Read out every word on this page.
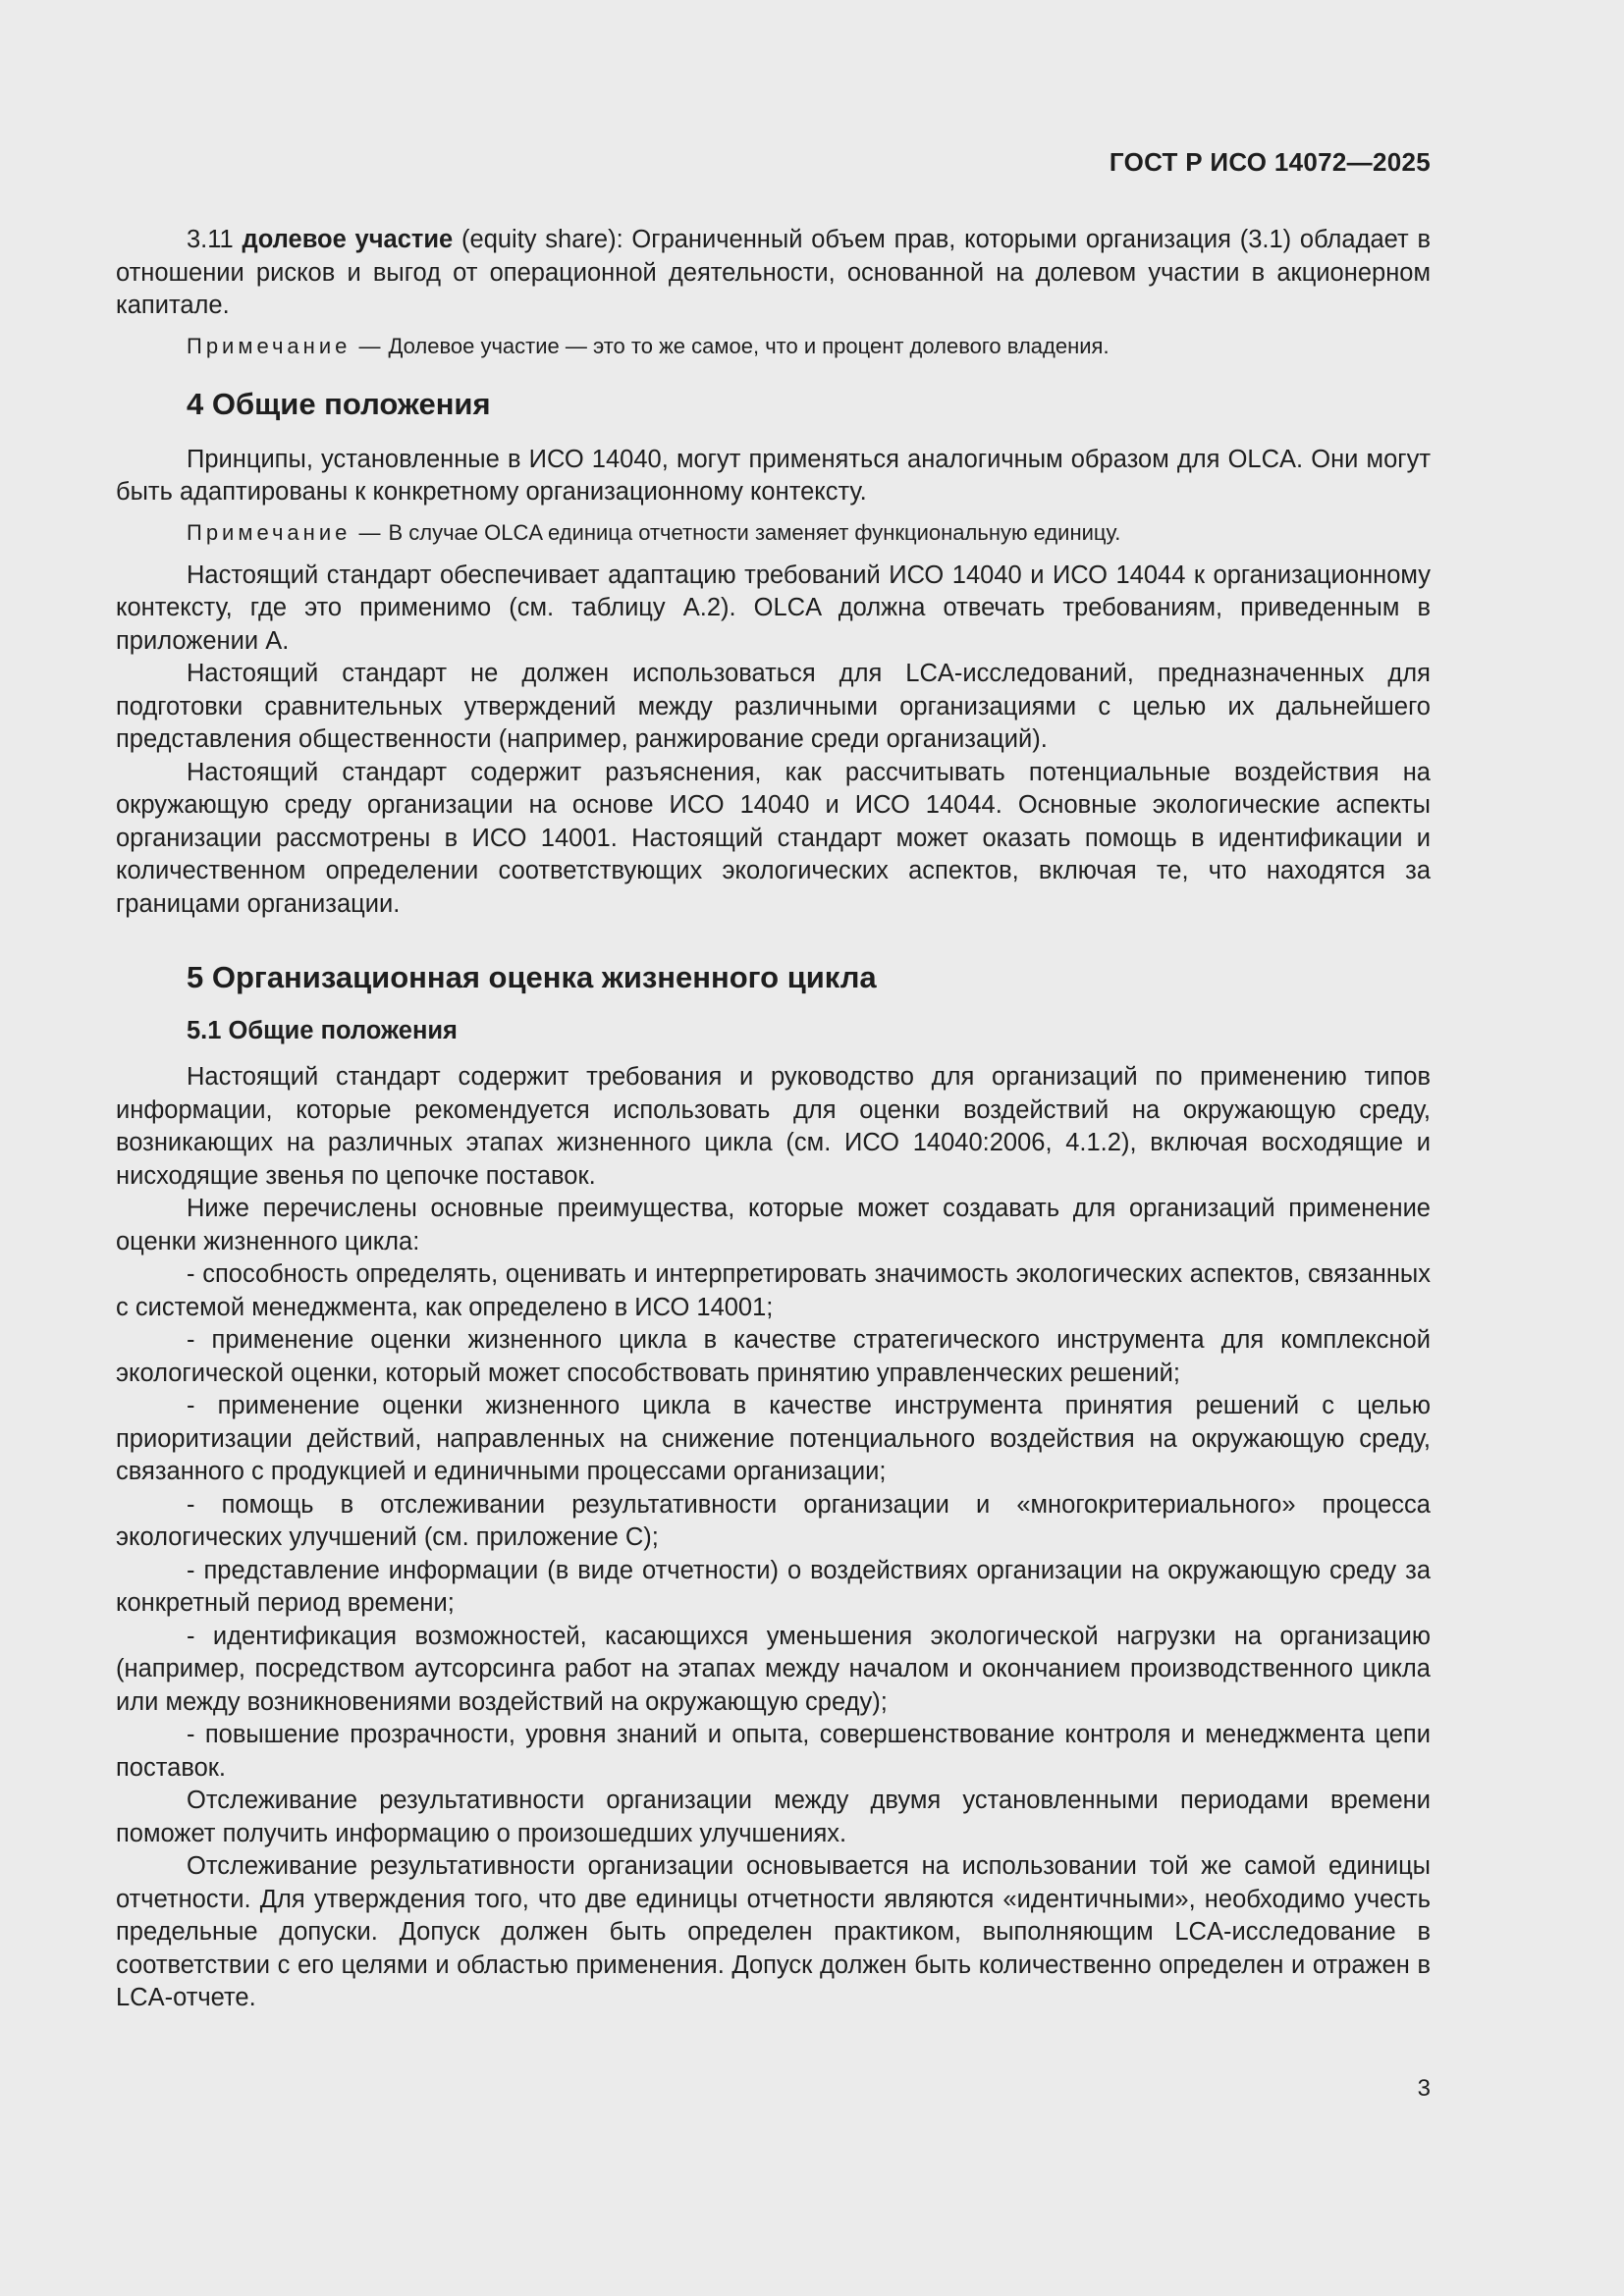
ГОСТ Р ИСО 14072—2025

3.11 долевое участие (equity share): Ограниченный объем прав, которыми организация (3.1) обладает в отношении рисков и выгод от операционной деятельности, основанной на долевом участии в акционерном капитале.

Примечание — Долевое участие — это то же самое, что и процент долевого владения.
4 Общие положения

Принципы, установленные в ИСО 14040, могут применяться аналогичным образом для OLCA. Они могут быть адаптированы к конкретному организационному контексту.

Примечание — В случае OLCA единица отчетности заменяет функциональную единицу.

Настоящий стандарт обеспечивает адаптацию требований ИСО 14040 и ИСО 14044 к организационному контексту, где это применимо (см. таблицу А.2). OLCA должна отвечать требованиям, приведенным в приложении А.

Настоящий стандарт не должен использоваться для LCA-исследований, предназначенных для подготовки сравнительных утверждений между различными организациями с целью их дальнейшего представления общественности (например, ранжирование среди организаций).

Настоящий стандарт содержит разъяснения, как рассчитывать потенциальные воздействия на окружающую среду организации на основе ИСО 14040 и ИСО 14044. Основные экологические аспекты организации рассмотрены в ИСО 14001. Настоящий стандарт может оказать помощь в идентификации и количественном определении соответствующих экологических аспектов, включая те, что находятся за границами организации.

5 Организационная оценка жизненного цикла
5.1 Общие положения

Настоящий стандарт содержит требования и руководство для организаций по применению типов информации, которые рекомендуется использовать для оценки воздействий на окружающую среду, возникающих на различных этапах жизненного цикла (см. ИСО 14040:2006, 4.1.2), включая восходящие и нисходящие звенья по цепочке поставок.

Ниже перечислены основные преимущества, которые может создавать для организаций применение оценки жизненного цикла:

- способность определять, оценивать и интерпретировать значимость экологических аспектов, связанных с системой менеджмента, как определено в ИСО 14001;

- применение оценки жизненного цикла в качестве стратегического инструмента для комплексной экологической оценки, который может способствовать принятию управленческих решений;

- применение оценки жизненного цикла в качестве инструмента принятия решений с целью приоритизации действий, направленных на снижение потенциального воздействия на окружающую среду, связанного с продукцией и единичными процессами организации;

- помощь в отслеживании результативности организации и «многокритериального» процесса экологических улучшений (см. приложение С);

- представление информации (в виде отчетности) о воздействиях организации на окружающую среду за конкретный период времени;

- идентификация возможностей, касающихся уменьшения экологической нагрузки на организацию (например, посредством аутсорсинга работ на этапах между началом и окончанием производственного цикла или между возникновениями воздействий на окружающую среду);

- повышение прозрачности, уровня знаний и опыта, совершенствование контроля и менеджмента цепи поставок.

Отслеживание результативности организации между двумя установленными периодами времени поможет получить информацию о произошедших улучшениях.

Отслеживание результативности организации основывается на использовании той же самой единицы отчетности. Для утверждения того, что две единицы отчетности являются «идентичными», необходимо учесть предельные допуски. Допуск должен быть определен практиком, выполняющим LCA-исследование в соответствии с его целями и областью применения. Допуск должен быть количественно определен и отражен в LCA-отчете.

3
